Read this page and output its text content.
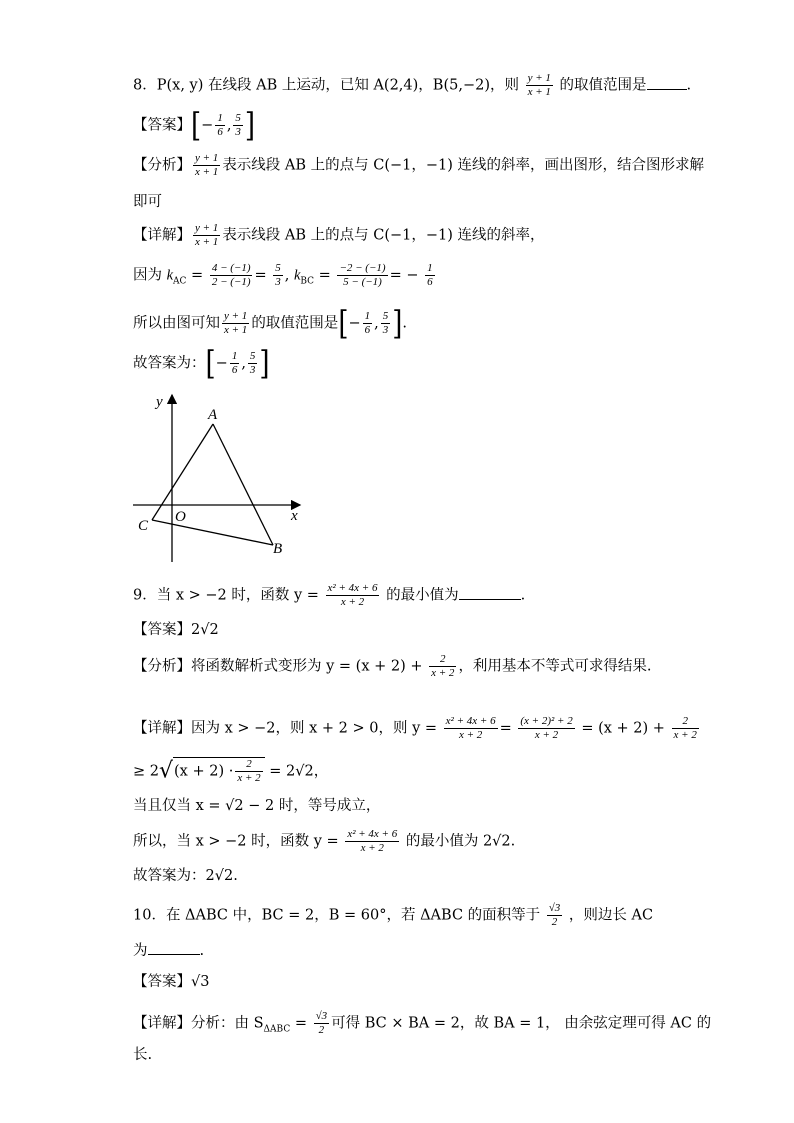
8．P(x, y) 在线段 AB 上运动，已知 A(2,4)，B(5,−2)，则 $\frac{y + 1}{x + 1}$ 的取值范围是	.
【答案】[− $\frac{1}{6}$ , $\frac{5}{3}$ ]
【分析】 $\frac{y + 1}{x + 1}$ 表示线段 AB 上的点与 C(−1，−1) 连线的斜率，画出图形，结合图形求解
即可
【详解】 $\frac{y + 1}{x + 1}$ 表示线段 AB 上的点与 C(−1，−1) 连线的斜率，
因为 $k_{AC} = \frac{4 - (-1)}{2 - (-1)} = \frac{5}{3}$ , $k_{BC} = \frac{-2 - (-1)}{5 - (-1)}$ = − $\frac{1}{6}$
所以由图可知 $\frac{y + 1}{x + 1}$ 的取值范围是[− $\frac{1}{6}$ , $\frac{5}{3}$ ].
故答案为：[− $\frac{1}{6}$ , $\frac{5}{3}$ ]
y
A
O	x
C
B
9．当 x > −2 时，函数 $y = \frac{\text{x² + 4x + 6}}{x + 2}$ 的最小值为	.
【答案】2√2
【分析】将函数解析式变形为 $y = (x + 2) + \frac{2}{x + 2}$ ，利用基本不等式可求得结果.
【详解】因为 x > −2，则 x + 2 > 0，则 $y = \frac{\text{x² + 4x + 6}}{x + 2} = \frac{\text{(x + 2)² + 2}}{x + 2} = (x + 2) + \frac{2}{x + 2}$
≥ $2√(x + 2) \cdot \frac{2}{x + 2} = 2√2$，
当且仅当 x = √2 − 2 时，等号成立，
所以，当 x > −2 时，函数 $y = \frac{\text{x² + 4x + 6}}{x + 2}$ 的最小值为 2√2.
故答案为：2√2.
10．在 ΔABC 中，BC = 2，B = 60°，若 ΔABC 的面积等于 $\frac{√3}{2}$ ，则边长 AC
为	.
【答案】√3
【详解】分析：由 $S_{\Delta ABC} = \frac{√3}{2}$ 可得 BC × BA = 2，故 BA = 1， 由余弦定理可得 AC 的
长.
